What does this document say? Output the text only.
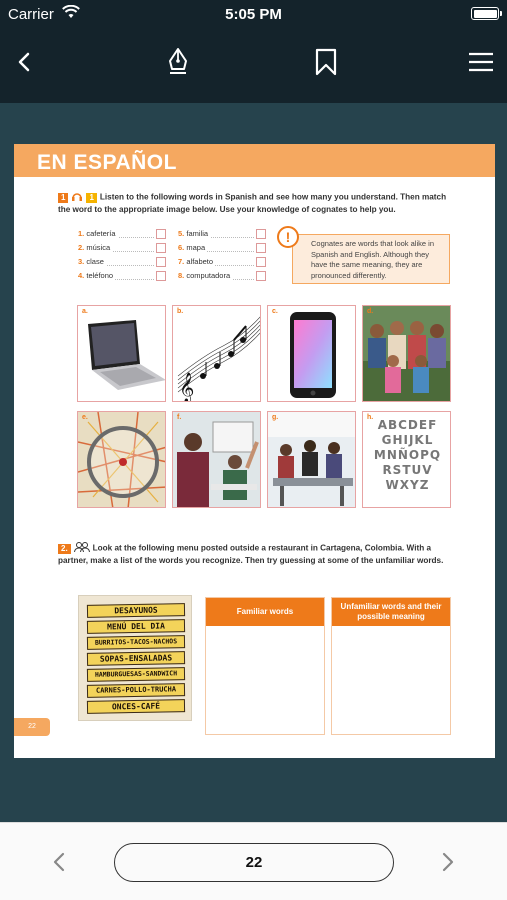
Carrier	5:05 PM
EN ESPAÑOL
1	1 Listen to the following words in Spanish and see how many you understand. Then match the word to the appropriate image below. Use your knowledge of cognates to help you.
1. cafetería
2. música
3. clase
4. teléfono
5. familia
6. mapa
7. alfabeto
8. computadora
Cognates are words that look alike in Spanish and English. Although they have the same meaning, they are pronounced differently.
!
a.	b.
𝄞
c.	d.
e.	f.	g.	h.
ABCDEF
GHIJKL
MNÑOPQ
RSTUV
WXYZ
2.	Look at the following menu posted outside a restaurant in Cartagena, Colombia. With a partner, make a list of the words you recognize. Then try guessing at some of the unfamiliar words.
DESAYUNOS
MENÚ DEL DIA
BURRITOS-TACOS-NACHOS
SOPAS-ENSALADAS
HAMBURGUESAS-SANDWICH
CARNES-POLLO-TRUCHA
ONCES-CAFÉ
Familiar words
Unfamiliar words and their possible meaning
22
22
